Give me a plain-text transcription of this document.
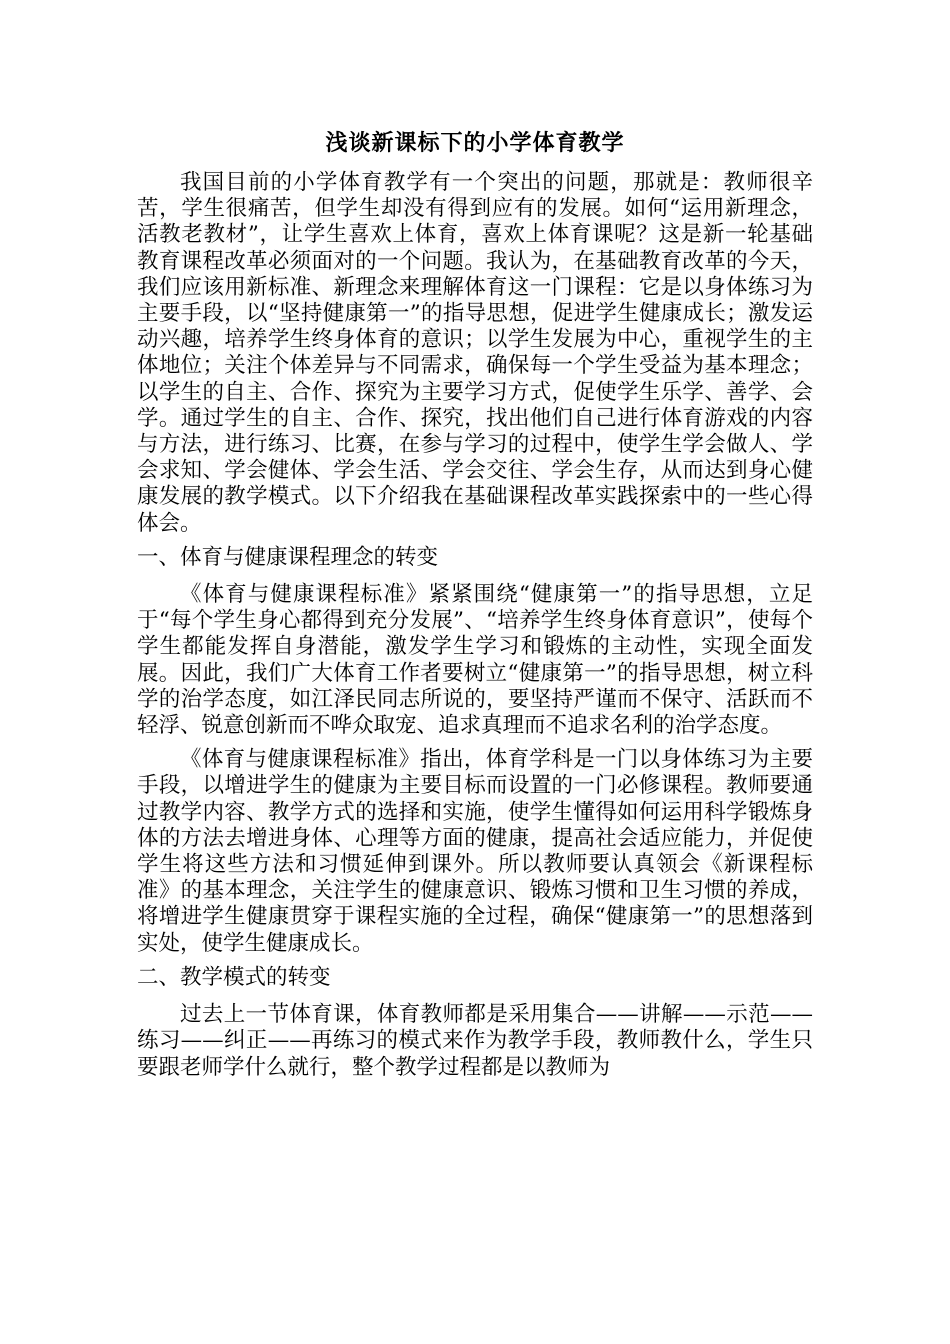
浅谈新课标下的小学体育教学

我国目前的小学体育教学有一个突出的问题，那就是：教师很辛苦，学生很痛苦，但学生却没有得到应有的发展。如何“运用新理念，活教老教材”，让学生喜欢上体育，喜欢上体育课呢？这是新一轮基础教育课程改革必须面对的一个问题。我认为，在基础教育改革的今天，我们应该用新标准、新理念来理解体育这一门课程：它是以身体练习为主要手段，以“坚持健康第一”的指导思想，促进学生健康成长；激发运动兴趣，培养学生终身体育的意识；以学生发展为中心，重视学生的主体地位；关注个体差异与不同需求，确保每一个学生受益为基本理念；以学生的自主、合作、探究为主要学习方式，促使学生乐学、善学、会学。通过学生的自主、合作、探究，找出他们自己进行体育游戏的内容与方法，进行练习、比赛，在参与学习的过程中，使学生学会做人、学会求知、学会健体、学会生活、学会交往、学会生存，从而达到身心健康发展的教学模式。以下介绍我在基础课程改革实践探索中的一些心得体会。

一、体育与健康课程理念的转变

《体育与健康课程标准》紧紧围绕“健康第一”的指导思想，立足于“每个学生身心都得到充分发展”、“培养学生终身体育意识”，使每个学生都能发挥自身潜能，激发学生学习和锻炼的主动性，实现全面发展。因此，我们广大体育工作者要树立“健康第一”的指导思想，树立科学的治学态度，如江泽民同志所说的，要坚持严谨而不保守、活跃而不轻浮、锐意创新而不哗众取宠、追求真理而不追求名利的治学态度。

《体育与健康课程标准》指出，体育学科是一门以身体练习为主要手段，以增进学生的健康为主要目标而设置的一门必修课程。教师要通过教学内容、教学方式的选择和实施，使学生懂得如何运用科学锻炼身体的方法去增进身体、心理等方面的健康，提高社会适应能力，并促使学生将这些方法和习惯延伸到课外。所以教师要认真领会《新课程标准》的基本理念，关注学生的健康意识、锻炼习惯和卫生习惯的养成，将增进学生健康贯穿于课程实施的全过程，确保“健康第一”的思想落到实处，使学生健康成长。

二、教学模式的转变

过去上一节体育课，体育教师都是采用集合——讲解——示范——练习——纠正——再练习的模式来作为教学手段，教师教什么，学生只要跟老师学什么就行，整个教学过程都是以教师为
